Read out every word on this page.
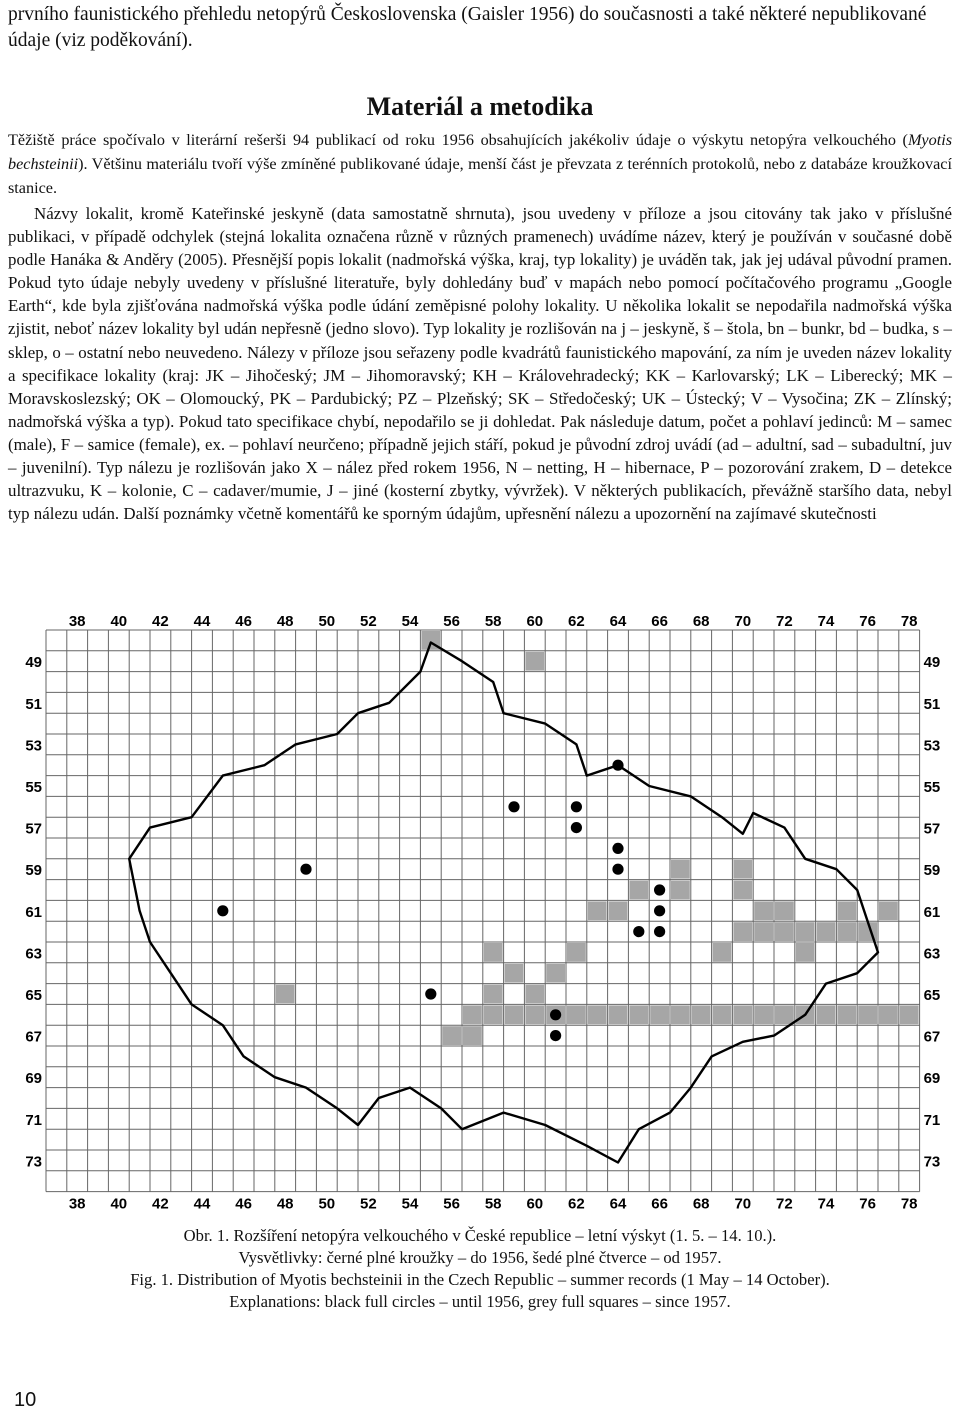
prvního faunistického přehledu netopýrů Československa (Gaisler 1956) do současnosti a také některé nepublikované údaje (viz poděkování).
Materiál a metodika
Těžiště práce spočívalo v literární rešerši 94 publikací od roku 1956 obsahujících jakékoliv údaje o výskytu netopýra velkouchého (Myotis bechsteinii). Většinu materiálu tvoří výše zmíněné publikované údaje, menší část je převzata z terénních protokolů, nebo z databáze kroužkovací stanice.
Názvy lokalit, kromě Kateřinské jeskyně (data samostatně shrnuta), jsou uvedeny v příloze a jsou citovány tak jako v příslušné publikaci, v případě odchylek (stejná lokalita označena různě v různých pramenech) uvádíme název, který je používán v současné době podle Hanáka & Anděry (2005). Přesnější popis lokalit (nadmořská výška, kraj, typ lokality) je uváděn tak, jak jej udával původní pramen. Pokud tyto údaje nebyly uvedeny v příslušné literatuře, byly dohledány buď v mapách nebo pomocí počítačového programu „Google Earth“, kde byla zjišťována nadmořská výška podle údání zeměpisné polohy lokality. U několika lokalit se nepodařila nadmořská výška zjistit, neboť název lokality byl udán nepřesně (jedno slovo). Typ lokality je rozlišován na j – jeskyně, š – štola, bn – bunkr, bd – budka, s – sklep, o – ostatní nebo neuvedeno. Nálezy v příloze jsou seřazeny podle kvadrátů faunistického mapování, za ním je uveden název lokality a specifikace lokality (kraj: JK – Jihočeský; JM – Jihomoravský; KH – Královehradecký; KK – Karlovarský; LK – Liberecký; MK – Moravskoslezský; OK – Olomoucký, PK – Pardubický; PZ – Plzeňský; SK – Středočeský; UK – Ústecký; V – Vysočina; ZK – Zlínský; nadmořská výška a typ). Pokud tato specifikace chybí, nepodařilo se ji dohledat. Pak následuje datum, počet a pohlaví jedinců: M – samec (male), F – samice (female), ex. – pohlaví neurčeno; případně jejich stáří, pokud je původní zdroj uvádí (ad – adultní, sad – subadultní, juv – juvenilní). Typ nálezu je rozlišován jako X – nález před rokem 1956, N – netting, H – hibernace, P – pozorování zrakem, D – detekce ultrazvuku, K – kolonie, C – cadaver/mumie, J – jiné (kosterní zbytky, vývržek). V některých publikacích, převážně staršího data, nebyl typ nálezu udán. Další poznámky včetně komentářů ke sporným údajům, upřesnění nálezu a upozornění na zajímavé skutečnosti
38
38
40
40
42
42
44
44
46
46
48
48
50
50
52
52
54
54
56
56
58
58
60
60
62
62
64
64
66
66
68
68
70
70
72
72
74
74
76
76
78
78
49	49
51	51
53	53
55	55
57	57
59	59
61	61
63	63
65	65
67	67
69	69
71	71
73	73
Obr. 1. Rozšíření netopýra velkouchého v České republice – letní výskyt (1. 5. – 14. 10.).
Vysvětlivky: černé plné kroužky – do 1956, šedé plné čtverce – od 1957.
Fig. 1. Distribution of Myotis bechsteinii in the Czech Republic – summer records (1 May – 14 October).
Explanations: black full circles – until 1956, grey full squares – since 1957.
10
